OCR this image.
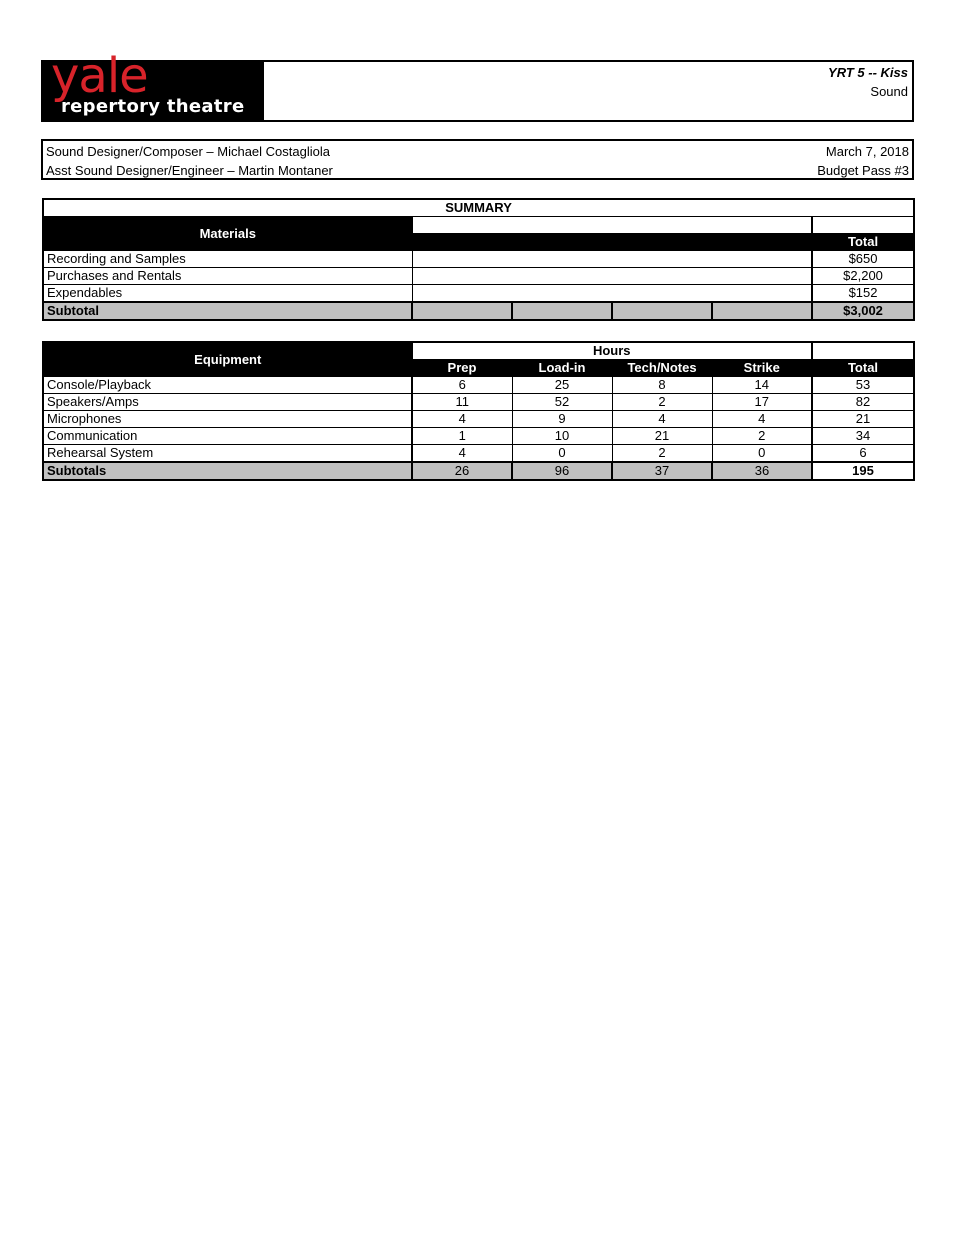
yale
repertory theatre
YRT 5 -- Kiss
Sound
Sound Designer/Composer – Michael Costagliola	March 7, 2018
Asst Sound Designer/Engineer – Martin Montaner	Budget Pass #3
SUMMARY					
Materials					
					Total
Recording and Samples					$650
Purchases and Rentals					$2,200
Expendables					$152
Subtotal					$3,002
Equipment	Hours				
	Prep	Load-in	Tech/Notes	Strike	Total
Console/Playback	6	25	8	14	53
Speakers/Amps	11	52	2	17	82
Microphones	4	9	4	4	21
Communication	1	10	21	2	34
Rehearsal System	4	0	2	0	6
Subtotals	26	96	37	36	195
